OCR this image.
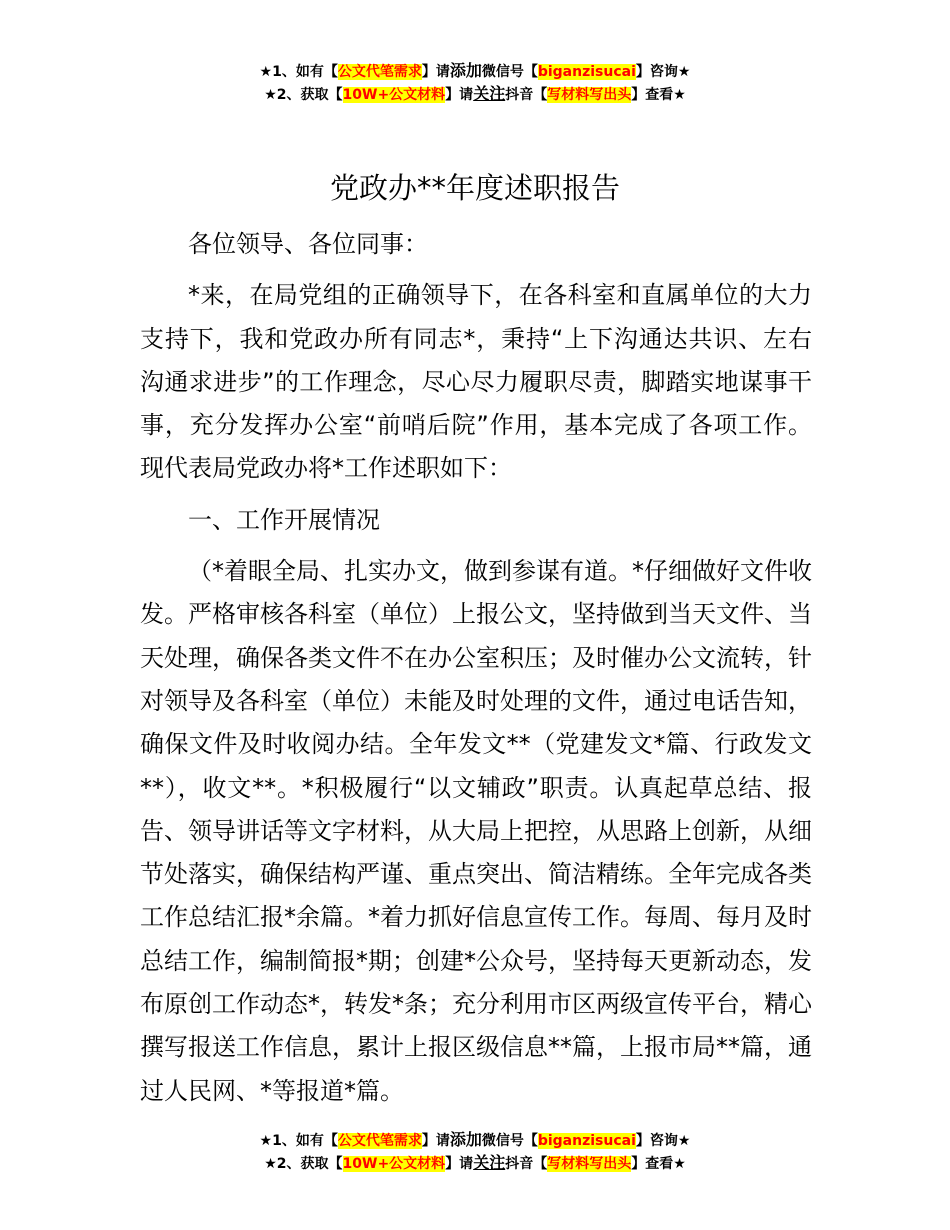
★1、如有【公文代笔需求】请添加微信号【biganzisucai】咨询★
★2、获取【10W+公文材料】请关注抖音【写材料写出头】查看★
党政办**年度述职报告

各位领导、各位同事：

*来，在局党组的正确领导下，在各科室和直属单位的大力支持下，我和党政办所有同志*，秉持“上下沟通达共识、左右沟通求进步”的工作理念，尽心尽力履职尽责，脚踏实地谋事干事，充分发挥办公室“前哨后院”作用，基本完成了各项工作。现代表局党政办将*工作述职如下：

一、工作开展情况

（*着眼全局、扎实办文，做到参谋有道。*仔细做好文件收发。严格审核各科室（单位）上报公文，坚持做到当天文件、当天处理，确保各类文件不在办公室积压；及时催办公文流转，针对领导及各科室（单位）未能及时处理的文件，通过电话告知，确保文件及时收阅办结。全年发文**（党建发文*篇、行政发文**），收文**。*积极履行“以文辅政”职责。认真起草总结、报告、领导讲话等文字材料，从大局上把控，从思路上创新，从细节处落实，确保结构严谨、重点突出、简洁精练。全年完成各类工作总结汇报*余篇。*着力抓好信息宣传工作。每周、每月及时总结工作，编制简报*期；创建*公众号，坚持每天更新动态，发布原创工作动态*，转发*条；充分利用市区两级宣传平台，精心撰写报送工作信息，累计上报区级信息**篇，上报市局**篇，通过人民网、*等报道*篇。

★1、如有【公文代笔需求】请添加微信号【biganzisucai】咨询★
★2、获取【10W+公文材料】请关注抖音【写材料写出头】查看★
